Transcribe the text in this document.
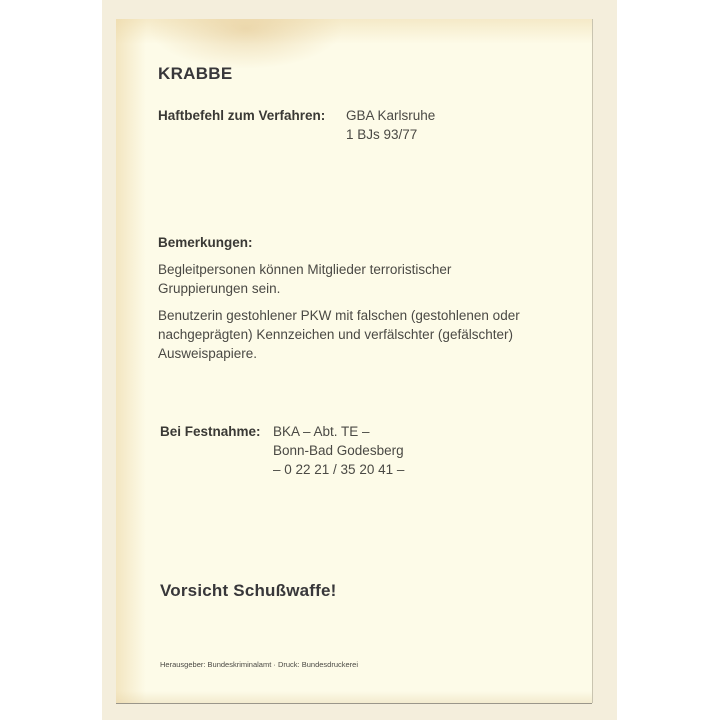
KRABBE
Haftbefehl zum Verfahren: GBA Karlsruhe
1 BJs 93/77
Bemerkungen:
Begleitpersonen können Mitglieder terroristischer Gruppierungen sein.
Benutzerin gestohlener PKW mit falschen (gestohlenen oder nachgeprägten) Kennzeichen und verfälschter (gefälschter) Ausweispapiere.
Bei Festnahme: BKA – Abt. TE –
Bonn-Bad Godesberg
– 0 22 21 / 35 20 41 –
Vorsicht Schußwaffe!
Herausgeber: Bundeskriminalamt · Druck: Bundesdruckerei
